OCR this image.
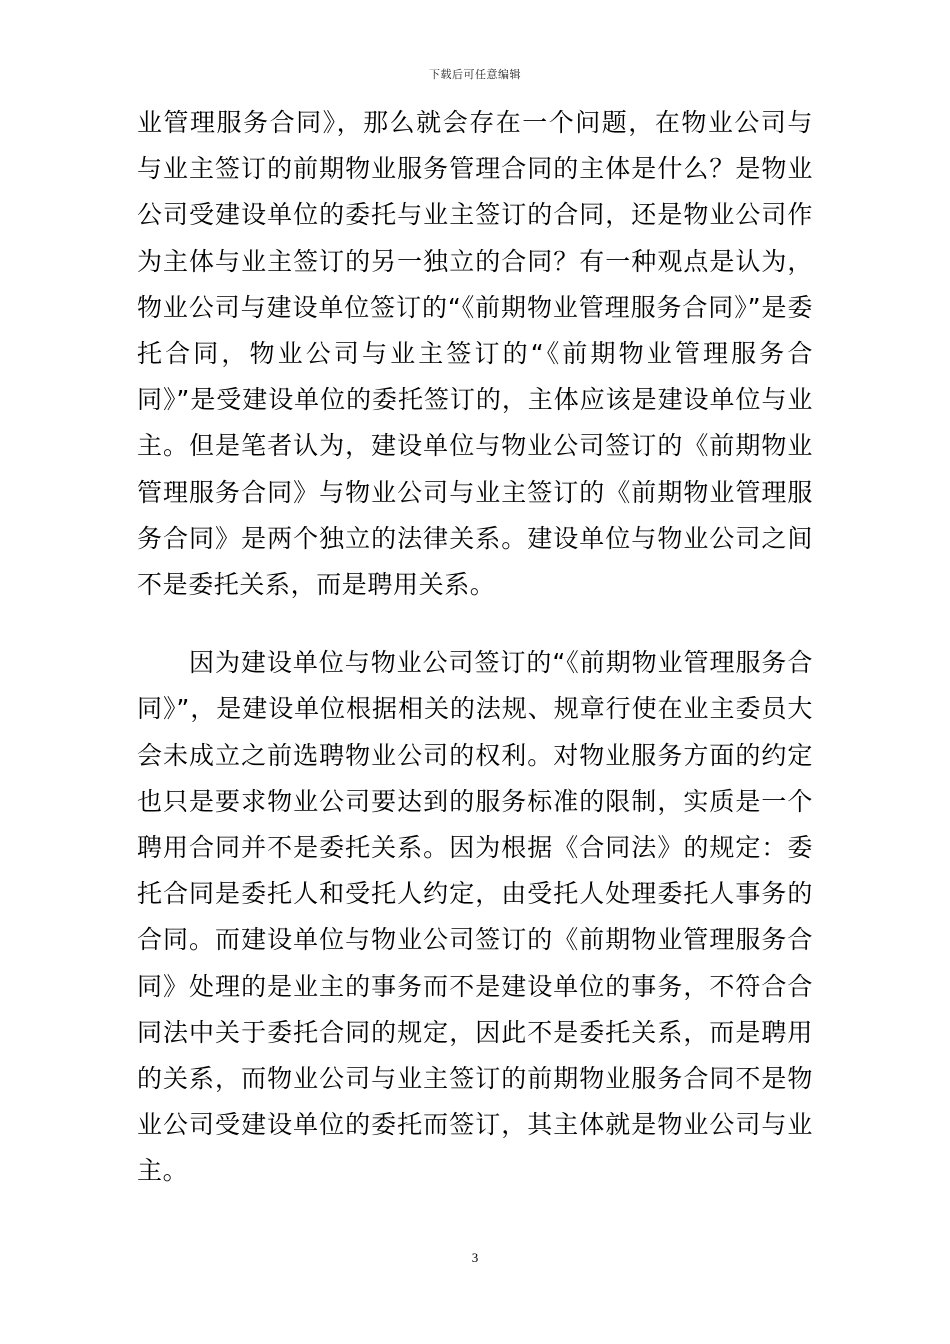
下载后可任意编辑

业管理服务合同》，那么就会存在一个问题，在物业公司与与业主签订的前期物业服务管理合同的主体是什么？是物业公司受建设单位的委托与业主签订的合同，还是物业公司作为主体与业主签订的另一独立的合同？有一种观点是认为，物业公司与建设单位签订的“《前期物业管理服务合同》”是委托合同，物业公司与业主签订的“《前期物业管理服务合同》”是受建设单位的委托签订的，主体应该是建设单位与业主。但是笔者认为，建设单位与物业公司签订的《前期物业管理服务合同》与物业公司与业主签订的《前期物业管理服务合同》是两个独立的法律关系。建设单位与物业公司之间不是委托关系，而是聘用关系。

因为建设单位与物业公司签订的“《前期物业管理服务合同》”，是建设单位根据相关的法规、规章行使在业主委员大会未成立之前选聘物业公司的权利。对物业服务方面的约定也只是要求物业公司要达到的服务标准的限制，实质是一个聘用合同并不是委托关系。因为根据《合同法》的规定：委托合同是委托人和受托人约定，由受托人处理委托人事务的合同。而建设单位与物业公司签订的《前期物业管理服务合同》处理的是业主的事务而不是建设单位的事务，不符合合同法中关于委托合同的规定，因此不是委托关系，而是聘用的关系，而物业公司与业主签订的前期物业服务合同不是物业公司受建设单位的委托而签订，其主体就是物业公司与业主。

3
